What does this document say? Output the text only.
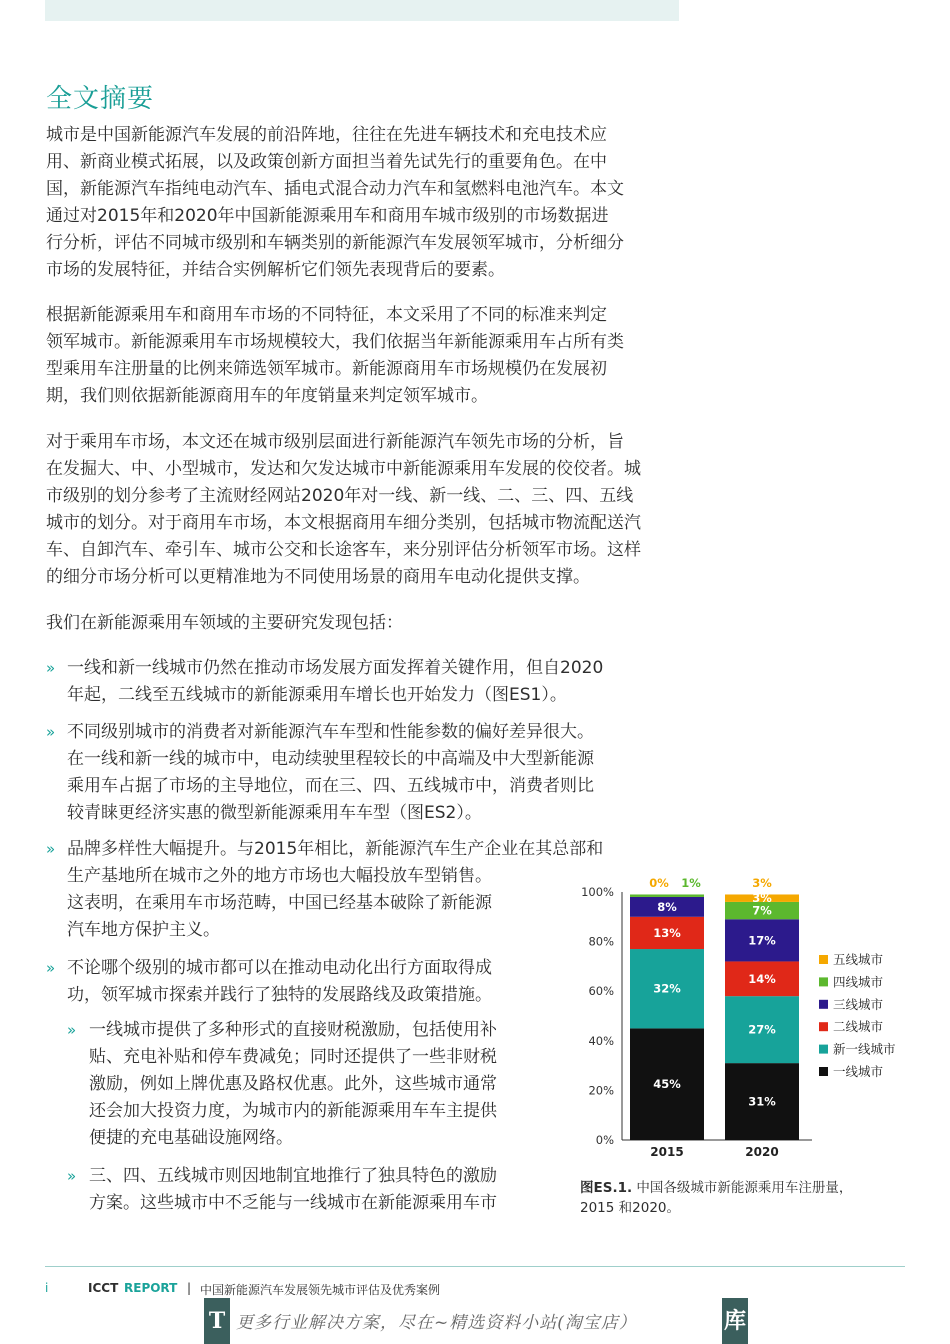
全文摘要
城市是中国新能源汽车发展的前沿阵地，往往在先进车辆技术和充电技术应
用、新商业模式拓展，以及政策创新方面担当着先试先行的重要角色。在中
国，新能源汽车指纯电动汽车、插电式混合动力汽车和氢燃料电池汽车。本文
通过对2015年和2020年中国新能源乘用车和商用车城市级别的市场数据进
行分析，评估不同城市级别和车辆类别的新能源汽车发展领军城市，分析细分
市场的发展特征，并结合实例解析它们领先表现背后的要素。
根据新能源乘用车和商用车市场的不同特征，本文采用了不同的标准来判定
领军城市。新能源乘用车市场规模较大，我们依据当年新能源乘用车占所有类
型乘用车注册量的比例来筛选领军城市。新能源商用车市场规模仍在发展初
期，我们则依据新能源商用车的年度销量来判定领军城市。
对于乘用车市场，本文还在城市级别层面进行新能源汽车领先市场的分析，旨
在发掘大、中、小型城市，发达和欠发达城市中新能源乘用车发展的佼佼者。城
市级别的划分参考了主流财经网站2020年对一线、新一线、二、三、四、五线
城市的划分。对于商用车市场，本文根据商用车细分类别，包括城市物流配送汽
车、自卸汽车、牵引车、城市公交和长途客车，来分别评估分析领军市场。这样
的细分市场分析可以更精准地为不同使用场景的商用车电动化提供支撑。
我们在新能源乘用车领域的主要研究发现包括：
» 一线和新一线城市仍然在推动市场发展方面发挥着关键作用，但自2020
年起，二线至五线城市的新能源乘用车增长也开始发力（图ES1）。
» 不同级别城市的消费者对新能源汽车车型和性能参数的偏好差异很大。
在一线和新一线的城市中，电动续驶里程较长的中高端及中大型新能源
乘用车占据了市场的主导地位，而在三、四、五线城市中，消费者则比
较青睐更经济实惠的微型新能源乘用车车型（图ES2）。
» 品牌多样性大幅提升。与2015年相比，新能源汽车生产企业在其总部和
生产基地所在城市之外的地方市场也大幅投放车型销售。
这表明，在乘用车市场范畴，中国已经基本破除了新能源
汽车地方保护主义。
» 不论哪个级别的城市都可以在推动电动化出行方面取得成
功，领军城市探索并践行了独特的发展路线及政策措施。
» 一线城市提供了多种形式的直接财税激励，包括使用补
贴、充电补贴和停车费减免；同时还提供了一些非财税
激励，例如上牌优惠及路权优惠。此外，这些城市通常
还会加大投资力度，为城市内的新能源乘用车车主提供
便捷的充电基础设施网络。
» 三、四、五线城市则因地制宜地推行了独具特色的激励
方案。这些城市中不乏能与一线城市在新能源乘用车市
0%
20%
40%
60%
80%
100%
45%
32%
13%
8%
2015
31%
27%
14%
17%
7%
3%
2020
0% 1%	3%
五线城市
四线城市
三线城市
二线城市
新一线城市
一线城市
图ES.1. 中国各级城市新能源乘用车注册量，
2015 和2020。
i	ICCT REPORT | 中国新能源汽车发展领先城市评估及优秀案例
T 更多行业解决方案，尽在~精选资料小站(淘宝店）	库
